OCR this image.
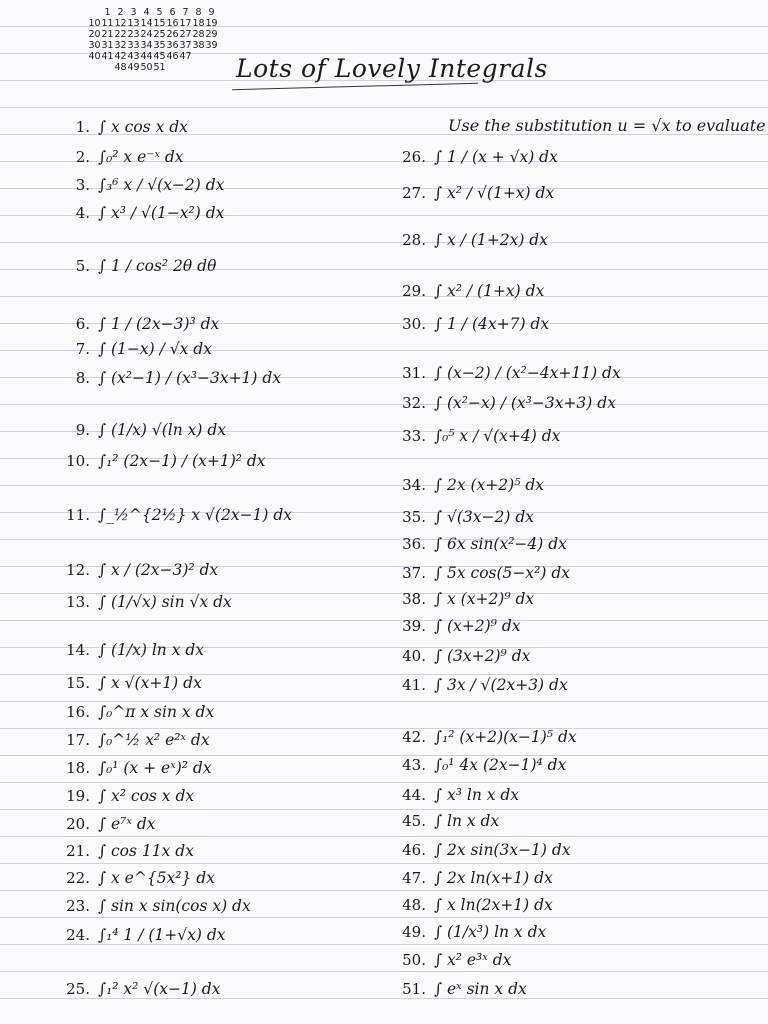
1 2 3 4 5 6 7 8 9
10 11 12 13 14 15 16 17 18 19
20 21 22 23 24 25 26 27 28 29
30 31 32 33 34 35 36 37 38 39
40 41 42 43 44 45 46 47
48 49 50 51	Lots of Lovely Integrals
Use the substitution u = √x to evaluate
1. ∫ x cos x dx
2. ∫₀² x e⁻ˣ dx
3. ∫₃⁶ x / √(x−2) dx
4. ∫ x³ / √(1−x²) dx
5. ∫ 1 / cos² 2θ dθ
6. ∫ 1 / (2x−3)³ dx
7. ∫ (1−x) / √x dx
8. ∫ (x²−1) / (x³−3x+1) dx
9. ∫ (1/x) √(ln x) dx
10. ∫₁² (2x−1) / (x+1)² dx
11. ∫_½^{2½} x √(2x−1) dx
12. ∫ x / (2x−3)² dx
13. ∫ (1/√x) sin √x dx
14. ∫ (1/x) ln x dx
15. ∫ x √(x+1) dx
16. ∫₀^π x sin x dx
17. ∫₀^½ x² e²ˣ dx
18. ∫₀¹ (x + eˣ)² dx
19. ∫ x² cos x dx
20. ∫ e⁷ˣ dx
21. ∫ cos 11x dx
22. ∫ x e^{5x²} dx
23. ∫ sin x sin(cos x) dx
24. ∫₁⁴ 1 / (1+√x) dx
25. ∫₁² x² √(x−1) dx
26. ∫ 1 / (x + √x) dx
27. ∫ x² / √(1+x) dx
28. ∫ x / (1+2x) dx
29. ∫ x² / (1+x) dx
30. ∫ 1 / (4x+7) dx
31. ∫ (x−2) / (x²−4x+11) dx
32. ∫ (x²−x) / (x³−3x+3) dx
33. ∫₀⁵ x / √(x+4) dx
34. ∫ 2x (x+2)⁵ dx
35. ∫ √(3x−2) dx
36. ∫ 6x sin(x²−4) dx
37. ∫ 5x cos(5−x²) dx
38. ∫ x (x+2)⁹ dx
39. ∫ (x+2)⁹ dx
40. ∫ (3x+2)⁹ dx
41. ∫ 3x / √(2x+3) dx
42. ∫₁² (x+2)(x−1)⁵ dx
43. ∫₀¹ 4x (2x−1)⁴ dx
44. ∫ x³ ln x dx
45. ∫ ln x dx
46. ∫ 2x sin(3x−1) dx
47. ∫ 2x ln(x+1) dx
48. ∫ x ln(2x+1) dx
49. ∫ (1/x³) ln x dx
50. ∫ x² e³ˣ dx
51. ∫ eˣ sin x dx
